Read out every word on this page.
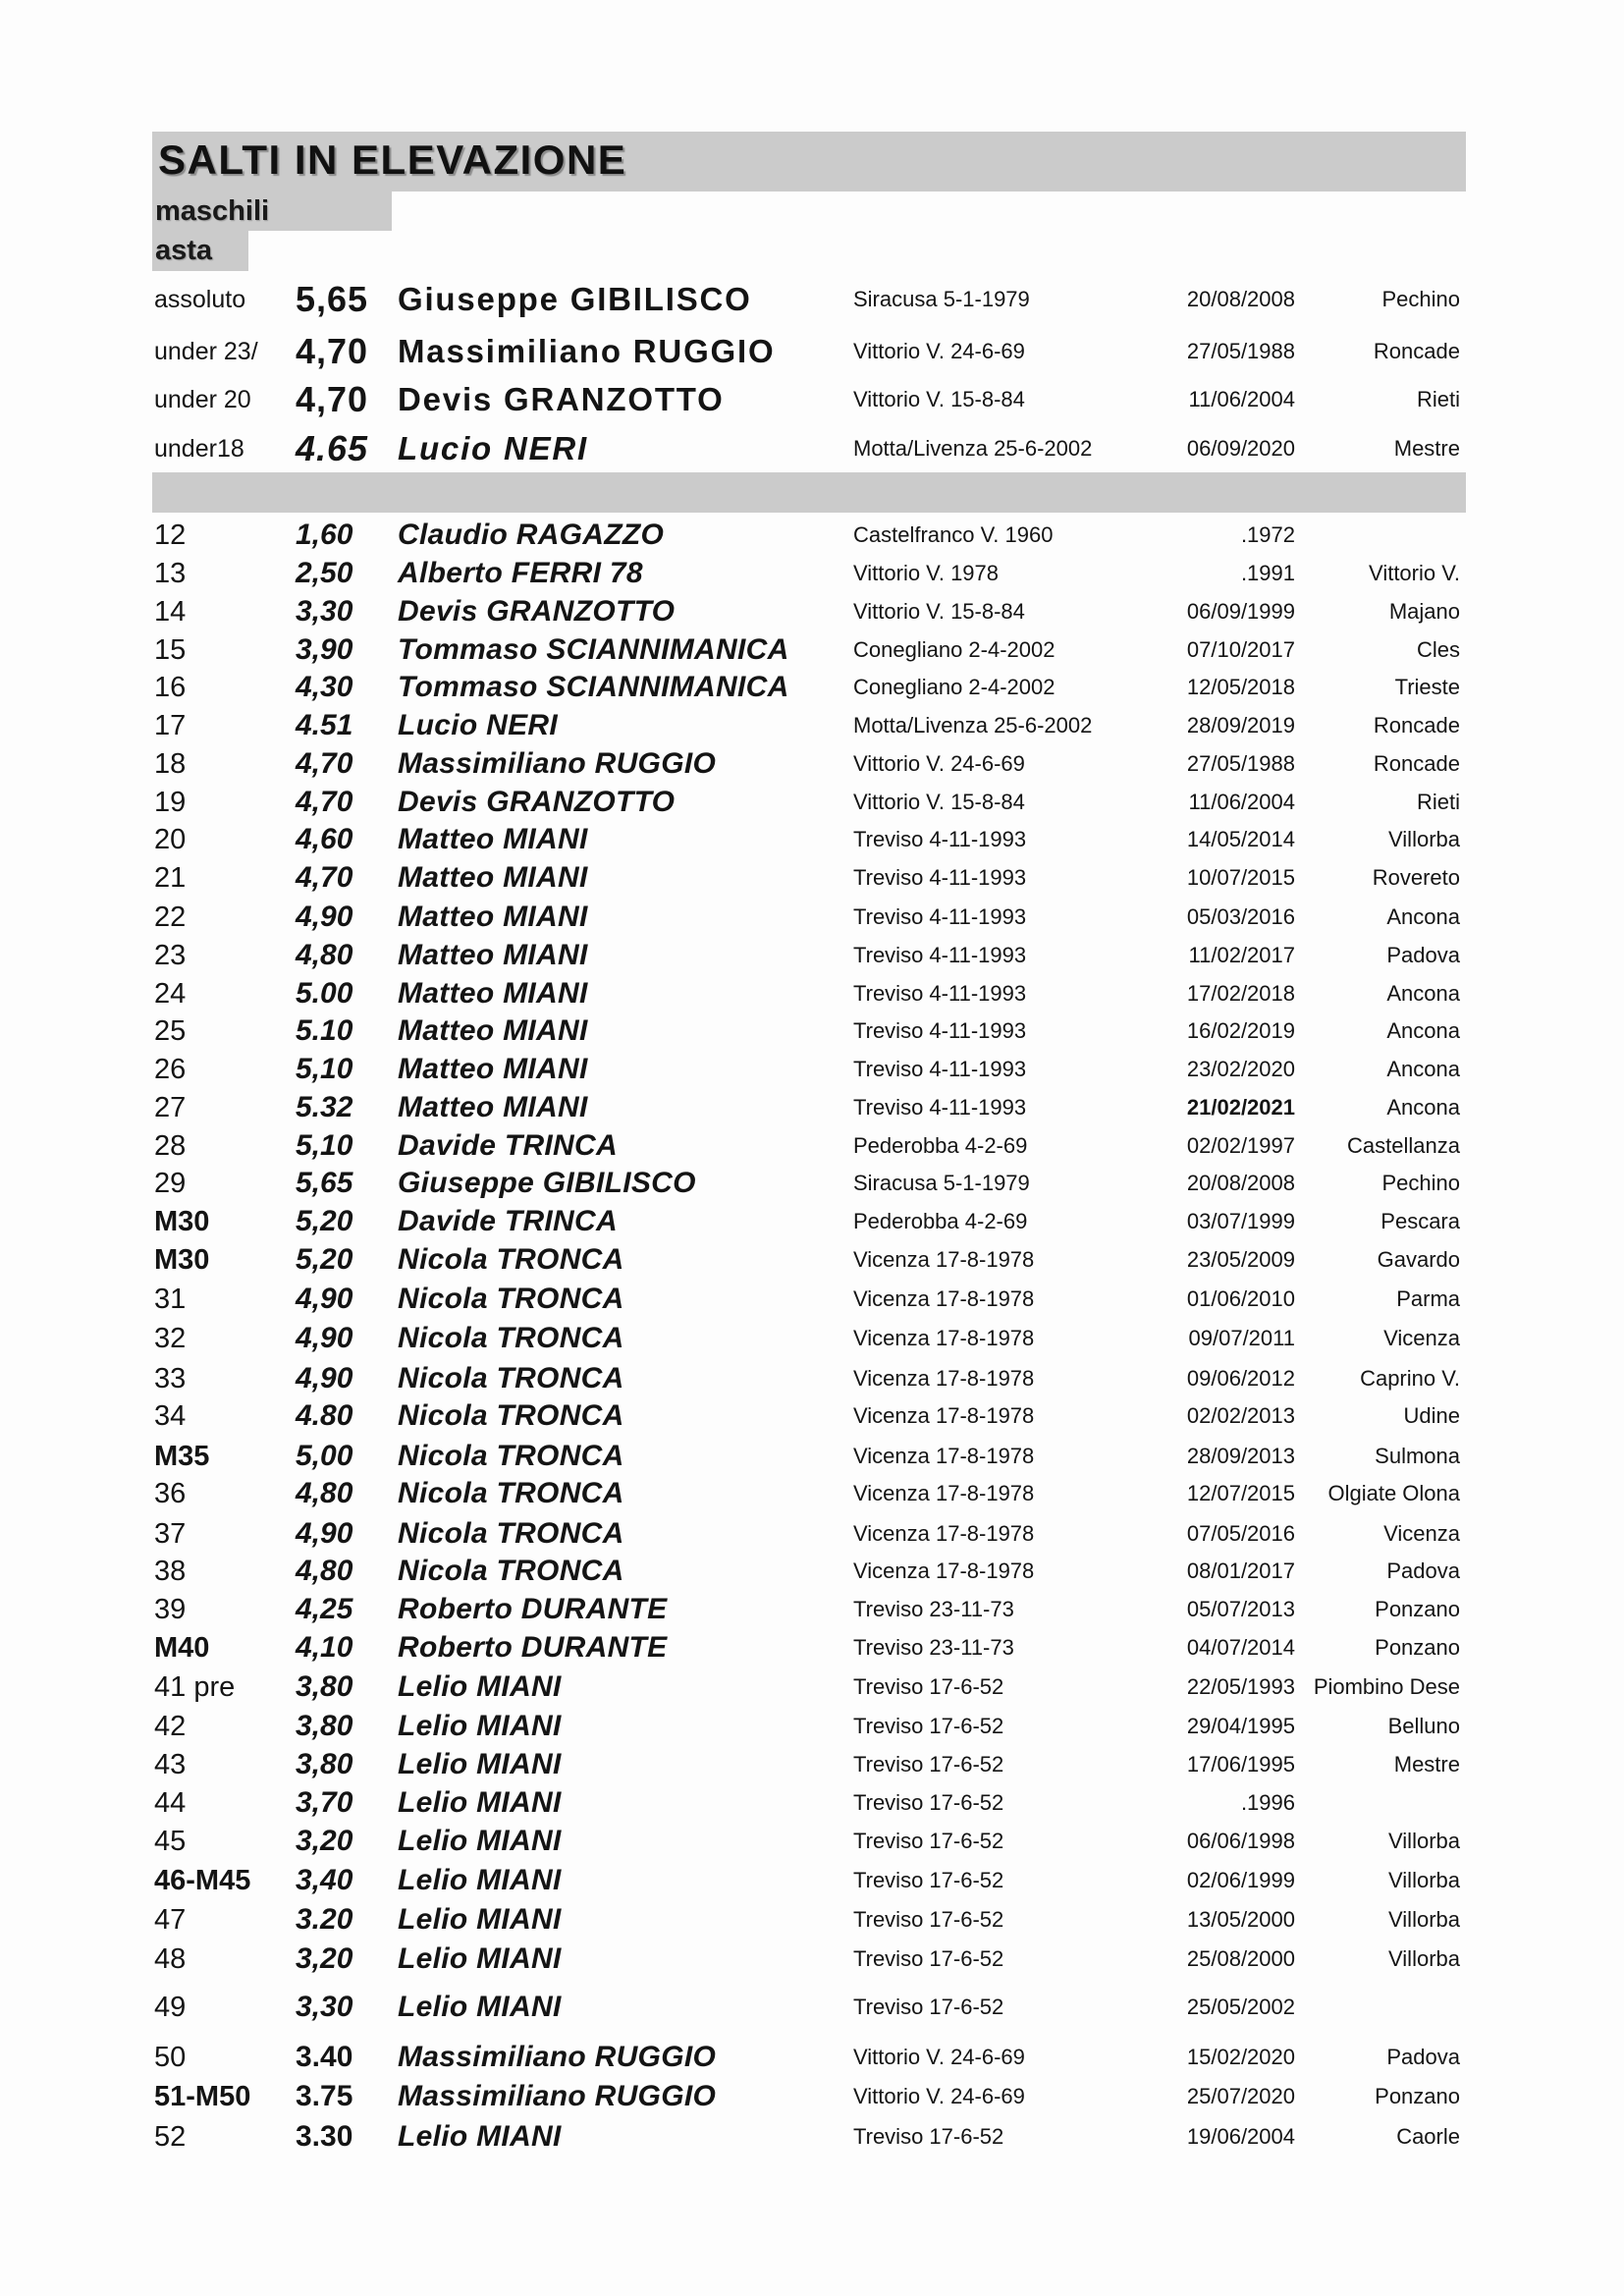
SALTI IN ELEVAZIONE
maschili
asta
assoluto 5,65 Giuseppe GIBILISCO	Siracusa 5-1-1979	20/08/2008	Pechino
under 23/ 4,70 Massimiliano RUGGIO	Vittorio V. 24-6-69	27/05/1988	Roncade
under 20 4,70 Devis GRANZOTTO	Vittorio V. 15-8-84	11/06/2004	Rieti
under18 4.65 Lucio NERI	Motta/Livenza 25-6-2002	06/09/2020	Mestre
12	1,60 Claudio RAGAZZO	Castelfranco V. 1960	.1972
13	2,50 Alberto FERRI 78	Vittorio V. 1978	.1991	Vittorio V.
14	3,30 Devis GRANZOTTO	Vittorio V. 15-8-84	06/09/1999	Majano
15	3,90 Tommaso SCIANNIMANICA	Conegliano 2-4-2002	07/10/2017	Cles
16	4,30 Tommaso SCIANNIMANICA	Conegliano 2-4-2002	12/05/2018	Trieste
17	4.51 Lucio NERI	Motta/Livenza 25-6-2002	28/09/2019	Roncade
18	4,70 Massimiliano RUGGIO	Vittorio V. 24-6-69	27/05/1988	Roncade
19	4,70 Devis GRANZOTTO	Vittorio V. 15-8-84	11/06/2004	Rieti
20	4,60 Matteo MIANI	Treviso 4-11-1993	14/05/2014	Villorba
21	4,70 Matteo MIANI	Treviso 4-11-1993	10/07/2015	Rovereto
22	4,90 Matteo MIANI	Treviso 4-11-1993	05/03/2016	Ancona
23	4,80 Matteo MIANI	Treviso 4-11-1993	11/02/2017	Padova
24	5.00 Matteo MIANI	Treviso 4-11-1993	17/02/2018	Ancona
25	5.10 Matteo MIANI	Treviso 4-11-1993	16/02/2019	Ancona
26	5,10 Matteo MIANI	Treviso 4-11-1993	23/02/2020	Ancona
27	5.32 Matteo MIANI	Treviso 4-11-1993	21/02/2021	Ancona
28	5,10 Davide TRINCA	Pederobba 4-2-69	02/02/1997 Castellanza
29	5,65 Giuseppe GIBILISCO	Siracusa 5-1-1979	20/08/2008	Pechino
M30	5,20 Davide TRINCA	Pederobba 4-2-69	03/07/1999	Pescara
M30	5,20 Nicola TRONCA	Vicenza 17-8-1978	23/05/2009	Gavardo
31	4,90 Nicola TRONCA	Vicenza 17-8-1978	01/06/2010	Parma
32	4,90 Nicola TRONCA	Vicenza 17-8-1978	09/07/2011	Vicenza
33	4,90 Nicola TRONCA	Vicenza 17-8-1978	09/06/2012	Caprino V.
34	4.80 Nicola TRONCA	Vicenza 17-8-1978	02/02/2013	Udine
M35	5,00 Nicola TRONCA	Vicenza 17-8-1978	28/09/2013	Sulmona
36	4,80 Nicola TRONCA	Vicenza 17-8-1978	12/07/2015 Olgiate Olona
37	4,90 Nicola TRONCA	Vicenza 17-8-1978	07/05/2016	Vicenza
38	4,80 Nicola TRONCA	Vicenza 17-8-1978	08/01/2017	Padova
39	4,25 Roberto DURANTE	Treviso 23-11-73	05/07/2013	Ponzano
M40	4,10 Roberto DURANTE	Treviso 23-11-73	04/07/2014	Ponzano
41 pre 3,80 Lelio MIANI	Treviso 17-6-52	22/05/1993 Piombino Dese
42	3,80 Lelio MIANI	Treviso 17-6-52	29/04/1995	Belluno
43	3,80 Lelio MIANI	Treviso 17-6-52	17/06/1995	Mestre
44	3,70 Lelio MIANI	Treviso 17-6-52	.1996
45	3,20 Lelio MIANI	Treviso 17-6-52	06/06/1998	Villorba
46-M45 3,40 Lelio MIANI	Treviso 17-6-52	02/06/1999	Villorba
47	3.20 Lelio MIANI	Treviso 17-6-52	13/05/2000	Villorba
48	3,20 Lelio MIANI	Treviso 17-6-52	25/08/2000	Villorba
49	3,30 Lelio MIANI	Treviso 17-6-52	25/05/2002
50	3.40 Massimiliano RUGGIO	Vittorio V. 24-6-69	15/02/2020	Padova
51-M50 3.75 Massimiliano RUGGIO	Vittorio V. 24-6-69	25/07/2020	Ponzano
52	3.30 Lelio MIANI	Treviso 17-6-52	19/06/2004	Caorle
